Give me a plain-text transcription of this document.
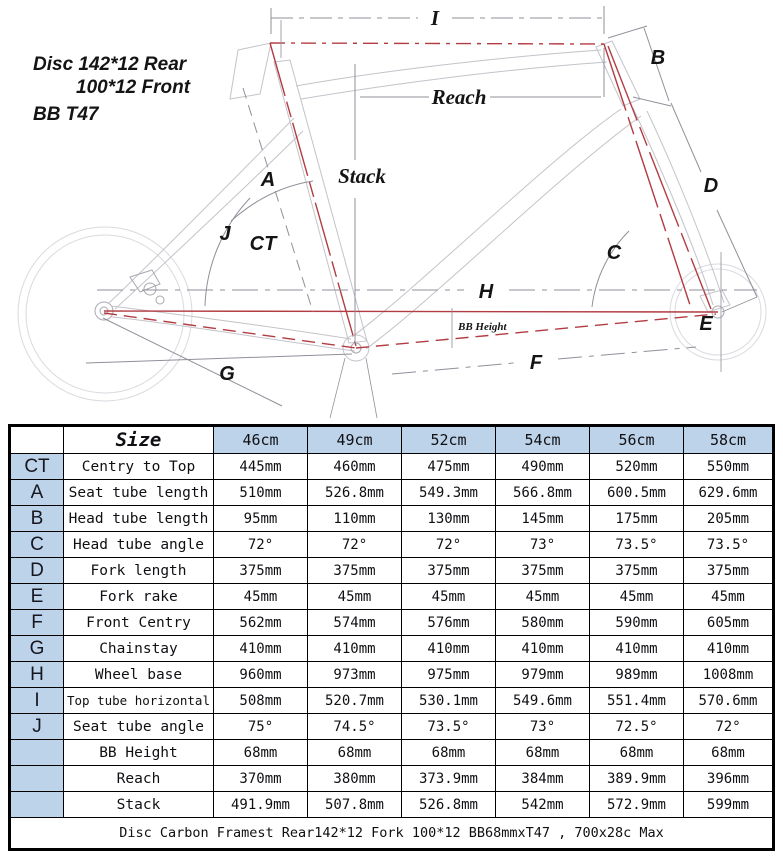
Disc 142*12 Rear
100*12 Front
BB T47
I
B
Reach
Stack
A
J CT	C
D
H
BB Height	E
F
G
	Size	46cm	49cm	52cm	54cm	56cm	58cm
CT	Centry to Top	445mm	460mm	475mm	490mm	520mm	550mm
A	Seat tube length	510mm	526.8mm	549.3mm	566.8mm	600.5mm	629.6mm
B	Head tube length	95mm	110mm	130mm	145mm	175mm	205mm
C	Head tube angle	72°	72°	72°	73°	73.5°	73.5°
D	Fork length	375mm	375mm	375mm	375mm	375mm	375mm
E	Fork rake	45mm	45mm	45mm	45mm	45mm	45mm
F	Front Centry	562mm	574mm	576mm	580mm	590mm	605mm
G	Chainstay	410mm	410mm	410mm	410mm	410mm	410mm
H	Wheel base	960mm	973mm	975mm	979mm	989mm	1008mm
I	Top tube horizontal	508mm	520.7mm	530.1mm	549.6mm	551.4mm	570.6mm
J	Seat tube angle	75°	74.5°	73.5°	73°	72.5°	72°
	BB Height	68mm	68mm	68mm	68mm	68mm	68mm
	Reach	370mm	380mm	373.9mm	384mm	389.9mm	396mm
	Stack	491.9mm	507.8mm	526.8mm	542mm	572.9mm	599mm
Disc Carbon Framest Rear142*12 Fork 100*12 BB68mmxT47 , 700x28c Max							
